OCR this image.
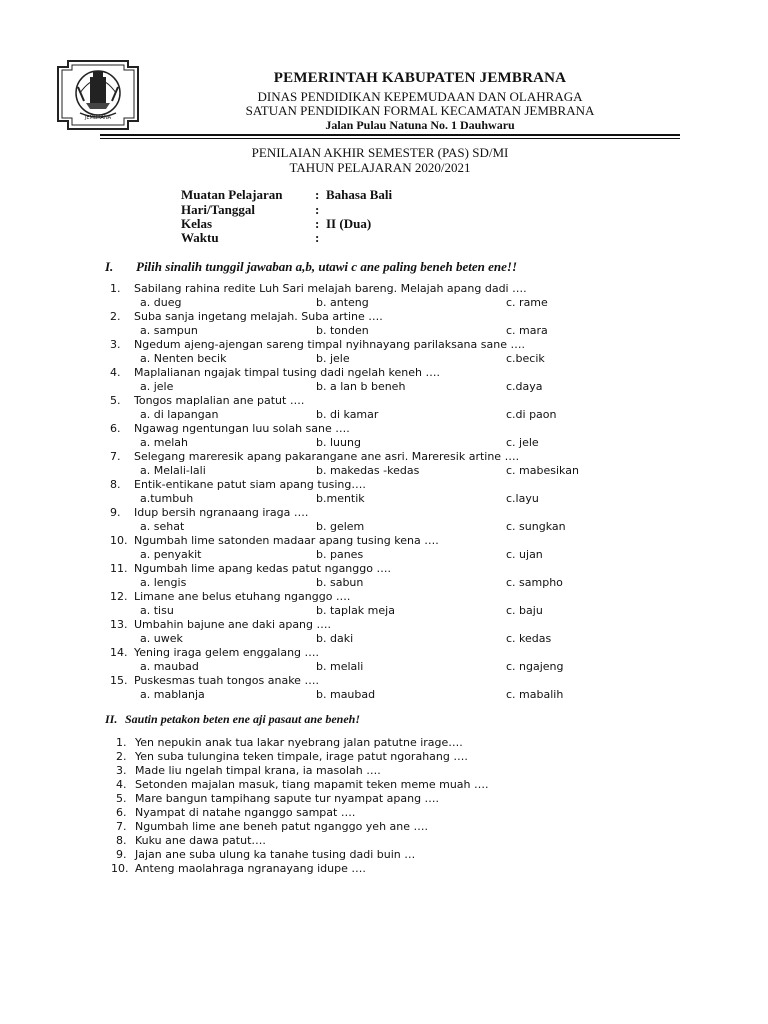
JEMBRANA
PEMERINTAH KABUPATEN JEMBRANA
DINAS PENDIDIKAN KEPEMUDAAN DAN OLAHRAGA
SATUAN PENDIDIKAN FORMAL KECAMATAN JEMBRANA
Jalan Pulau Natuna No. 1 Dauhwaru
PENILAIAN AKHIR SEMESTER (PAS) SD/MI
TAHUN PELAJARAN 2020/2021
Muatan Pelajaran	: Bahasa Bali
Hari/Tanggal	:
Kelas	: II (Dua)
Waktu	:
I. Pilih sinalih tunggil jawaban a,b, utawi c ane paling beneh beten ene!!
1. Sabilang rahina redite Luh Sari melajah bareng. Melajah apang dadi ….
a. dueg	b. anteng	c. rame
2. Suba sanja ingetang melajah. Suba artine ….
a. sampun	b. tonden	c. mara
3. Ngedum ajeng-ajengan sareng timpal nyihnayang parilaksana sane ….
a. Nenten becik	b. jele	c.becik
4. Maplalianan ngajak timpal tusing dadi ngelah keneh ….
a. jele	b. a lan b beneh	c.daya
5. Tongos maplalian ane patut ….
a. di lapangan	b. di kamar	c.di paon
6. Ngawag ngentungan luu solah sane ….
a. melah	b. luung	c. jele
7. Selegang mareresik apang pakarangane ane asri. Mareresik artine ….
a. Melali-lali	b. makedas -kedas	c. mabesikan
8. Entik-entikane patut siam apang tusing….
a.tumbuh	b.mentik	c.layu
9. Idup bersih ngranaang iraga ….
a. sehat	b. gelem	c. sungkan
10. Ngumbah lime satonden madaar apang tusing kena ….
a. penyakit	b. panes	c. ujan
11. Ngumbah lime apang kedas patut nganggo ….
a. lengis	b. sabun	c. sampho
12. Limane ane belus etuhang nganggo ….
a. tisu	b. taplak meja	c. baju
13. Umbahin bajune ane daki apang ….
a. uwek	b. daki	c. kedas
14. Yening iraga gelem enggalang ….
a. maubad	b. melali	c. ngajeng
15. Puskesmas tuah tongos anake ….
a. mablanja	b. maubad	c. mabalih
II. Sautin petakon beten ene aji pasaut ane beneh!
1. Yen nepukin anak tua lakar nyebrang jalan patutne irage….
2. Yen suba tulungina teken timpale, irage patut ngorahang ….
3. Made liu ngelah timpal krana, ia masolah ….
4. Setonden majalan masuk, tiang mapamit teken meme muah ….
5. Mare bangun tampihang saputе tur nyampat apang ….
6. Nyampat di natahe nganggo sampat ….
7. Ngumbah lime ane beneh patut nganggo yeh ane ….
8. Kuku ane dawa patut….
9. Jajan ane suba ulung ka tanahe tusing dadi buin …
10. Anteng maolahraga ngranayang idupe ….
